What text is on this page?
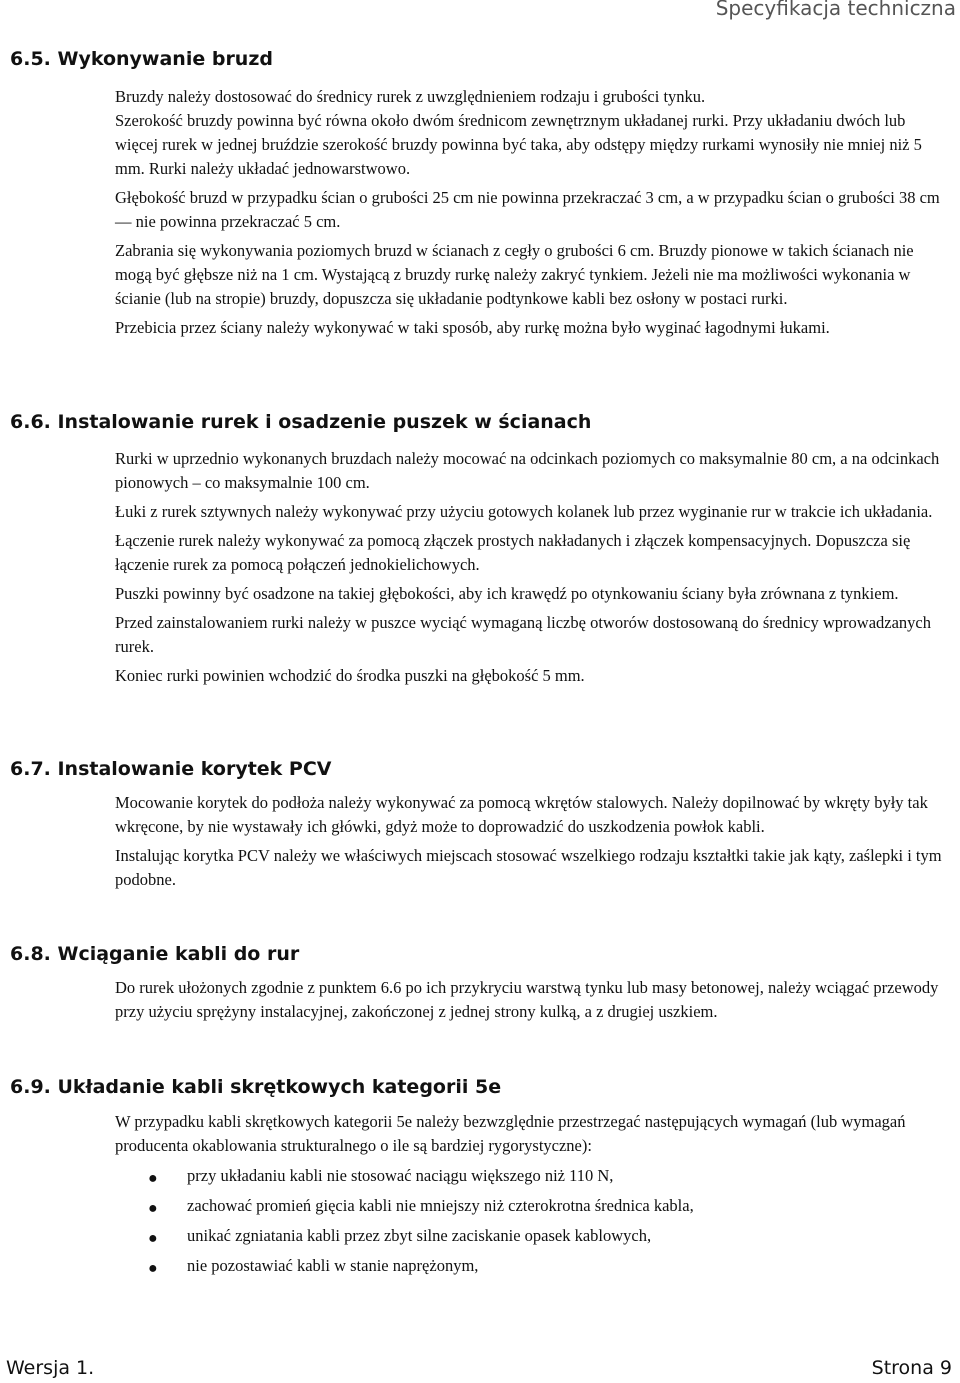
Specyfikacja techniczna
6.5. Wykonywanie bruzd

Bruzdy należy dostosować do średnicy rurek z uwzględnieniem rodzaju i grubości tynku.

Szerokość bruzdy powinna być równa około dwóm średnicom zewnętrznym układanej rurki. Przy układaniu dwóch lub więcej rurek w jednej bruździe szerokość bruzdy powinna być taka, aby odstępy między rurkami wynosiły nie mniej niż 5 mm. Rurki należy układać jednowarstwowo.

Głębokość bruzd w przypadku ścian o grubości 25 cm nie powinna przekraczać 3 cm, a w przypadku ścian o grubości 38 cm — nie powinna przekraczać 5 cm.

Zabrania się wykonywania poziomych bruzd w ścianach z cegły o grubości 6 cm. Bruzdy pionowe w takich ścianach nie mogą być głębsze niż na 1 cm. Wystającą z bruzdy rurkę należy zakryć tynkiem. Jeżeli nie ma możliwości wykonania w ścianie (lub na stropie) bruzdy, dopuszcza się układanie podtynkowe kabli bez osłony w postaci rurki.

Przebicia przez ściany należy wykonywać w taki sposób, aby rurkę można było wyginać łagodnymi łukami.

6.6. Instalowanie rurek i osadzenie puszek w ścianach

Rurki w uprzednio wykonanych bruzdach należy mocować na odcinkach poziomych co maksymalnie 80 cm, a na odcinkach pionowych – co maksymalnie 100 cm.

Łuki z rurek sztywnych należy wykonywać przy użyciu gotowych kolanek lub przez wyginanie rur w trakcie ich układania.

Łączenie rurek należy wykonywać za pomocą złączek prostych nakładanych i złączek kompensacyjnych. Dopuszcza się łączenie rurek za pomocą połączeń jednokielichowych.

Puszki powinny być osadzone na takiej głębokości, aby ich krawędź po otynkowaniu ściany była zrównana z tynkiem.

Przed zainstalowaniem rurki należy w puszce wyciąć wymaganą liczbę otworów dostosowaną do średnicy wprowadzanych rurek.

Koniec rurki powinien wchodzić do środka puszki na głębokość 5 mm.

6.7. Instalowanie korytek PCV

Mocowanie korytek do podłoża należy wykonywać za pomocą wkrętów stalowych. Należy dopilnować by wkręty były tak wkręcone, by nie wystawały ich główki, gdyż może to doprowadzić do uszkodzenia powłok kabli.

Instalując korytka PCV należy we właściwych miejscach stosować wszelkiego rodzaju kształtki takie jak kąty, zaślepki i tym podobne.

6.8. Wciąganie kabli do rur

Do rurek ułożonych zgodnie z punktem 6.6 po ich przykryciu warstwą tynku lub masy betonowej, należy wciągać przewody przy użyciu sprężyny instalacyjnej, zakończonej z jednej strony kulką, a z drugiej uszkiem.

6.9. Układanie kabli skrętkowych kategorii 5e

W przypadku kabli skrętkowych kategorii 5e należy bezwzględnie przestrzegać następujących wymagań (lub wymagań producenta okablowania strukturalnego o ile są bardziej rygorystyczne):

● przy układaniu kabli nie stosować naciągu większego niż 110 N,
● zachować promień gięcia kabli nie mniejszy niż czterokrotna średnica kabla,
● unikać zgniatania kabli przez zbyt silne zaciskanie opasek kablowych,
● nie pozostawiać kabli w stanie naprężonym,
Wersja 1.	Strona 9
